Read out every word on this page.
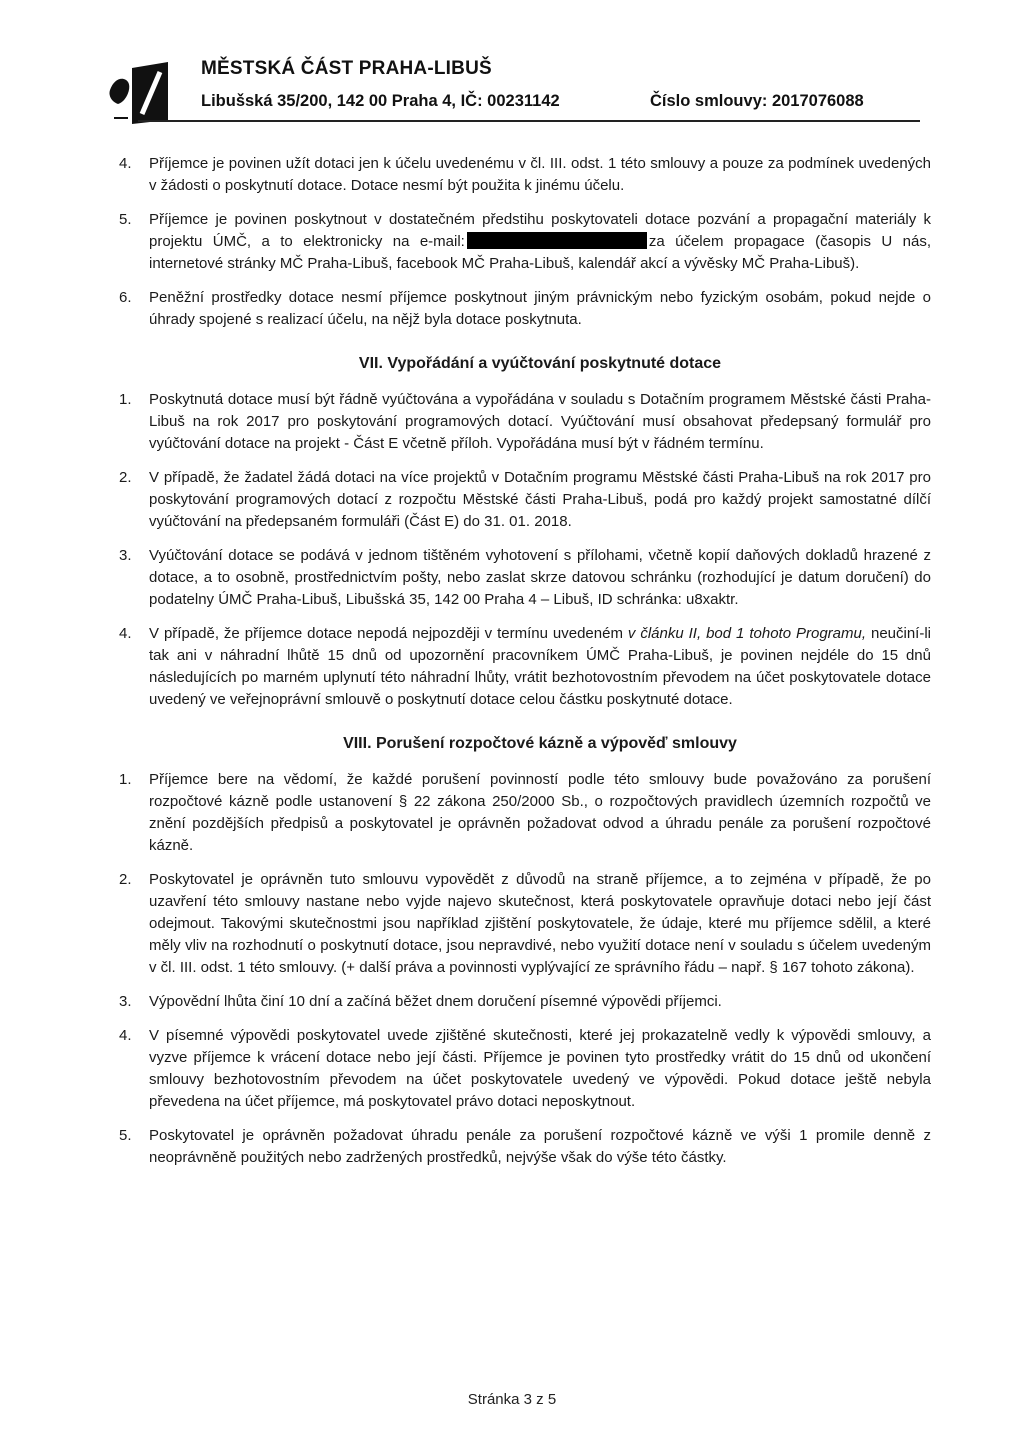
MĚSTSKÁ ČÁST PRAHA-LIBUŠ
Libušská 35/200, 142 00 Praha 4, IČ: 00231142	Číslo smlouvy: 2017076088
4. Příjemce je povinen užít dotaci jen k účelu uvedenému v čl. III. odst. 1 této smlouvy a pouze za podmínek uvedených v žádosti o poskytnutí dotace. Dotace nesmí být použita k jinému účelu.
5. Příjemce je povinen poskytnout v dostatečném předstihu poskytovateli dotace pozvání a propagační materiály k projektu ÚMČ, a to elektronicky na e-mail:	za účelem propagace (časopis U nás, internetové stránky MČ Praha-Libuš, facebook MČ Praha-Libuš, kalendář akcí a vývěsky MČ Praha-Libuš).
6. Peněžní prostředky dotace nesmí příjemce poskytnout jiným právnickým nebo fyzickým osobám, pokud nejde o úhrady spojené s realizací účelu, na nějž byla dotace poskytnuta.
VII. Vypořádání a vyúčtování poskytnuté dotace
1. Poskytnutá dotace musí být řádně vyúčtována a vypořádána v souladu s Dotačním programem Městské části Praha-Libuš na rok 2017 pro poskytování programových dotací. Vyúčtování musí obsahovat předepsaný formulář pro vyúčtování dotace na projekt - Část E včetně příloh. Vypořádána musí být v řádném termínu.
2. V případě, že žadatel žádá dotaci na více projektů v Dotačním programu Městské části Praha-Libuš na rok 2017 pro poskytování programových dotací z rozpočtu Městské části Praha-Libuš, podá pro každý projekt samostatné dílčí vyúčtování na předepsaném formuláři (Část E) do 31. 01. 2018.
3. Vyúčtování dotace se podává v jednom tištěném vyhotovení s přílohami, včetně kopií daňových dokladů hrazené z dotace, a to osobně, prostřednictvím pošty, nebo zaslat skrze datovou schránku (rozhodující je datum doručení) do podatelny ÚMČ Praha-Libuš, Libušská 35, 142 00 Praha 4 – Libuš, ID schránka: u8xaktr.
4. V případě, že příjemce dotace nepodá nejpozději v termínu uvedeném v článku II, bod 1 tohoto Programu, neučiní-li tak ani v náhradní lhůtě 15 dnů od upozornění pracovníkem ÚMČ Praha-Libuš, je povinen nejdéle do 15 dnů následujících po marném uplynutí této náhradní lhůty, vrátit bezhotovostním převodem na účet poskytovatele dotace uvedený ve veřejnoprávní smlouvě o poskytnutí dotace celou částku poskytnuté dotace.
VIII. Porušení rozpočtové kázně a výpověď smlouvy
1. Příjemce bere na vědomí, že každé porušení povinností podle této smlouvy bude považováno za porušení rozpočtové kázně podle ustanovení § 22 zákona 250/2000 Sb., o rozpočtových pravidlech územních rozpočtů ve znění pozdějších předpisů a poskytovatel je oprávněn požadovat odvod a úhradu penále za porušení rozpočtové kázně.
2. Poskytovatel je oprávněn tuto smlouvu vypovědět z důvodů na straně příjemce, a to zejména v případě, že po uzavření této smlouvy nastane nebo vyjde najevo skutečnost, která poskytovatele opravňuje dotaci nebo její část odejmout. Takovými skutečnostmi jsou například zjištění poskytovatele, že údaje, které mu příjemce sdělil, a které měly vliv na rozhodnutí o poskytnutí dotace, jsou nepravdivé, nebo využití dotace není v souladu s účelem uvedeným v čl. III. odst. 1 této smlouvy. (+ další práva a povinnosti vyplývající ze správního řádu – např. § 167 tohoto zákona).
3. Výpovědní lhůta činí 10 dní a začíná běžet dnem doručení písemné výpovědi příjemci.
4. V písemné výpovědi poskytovatel uvede zjištěné skutečnosti, které jej prokazatelně vedly k výpovědi smlouvy, a vyzve příjemce k vrácení dotace nebo její části. Příjemce je povinen tyto prostředky vrátit do 15 dnů od ukončení smlouvy bezhotovostním převodem na účet poskytovatele uvedený ve výpovědi. Pokud dotace ještě nebyla převedena na účet příjemce, má poskytovatel právo dotaci neposkytnout.
5. Poskytovatel je oprávněn požadovat úhradu penále za porušení rozpočtové kázně ve výši 1 promile denně z neoprávněně použitých nebo zadržených prostředků, nejvýše však do výše této částky.
Stránka 3 z 5
